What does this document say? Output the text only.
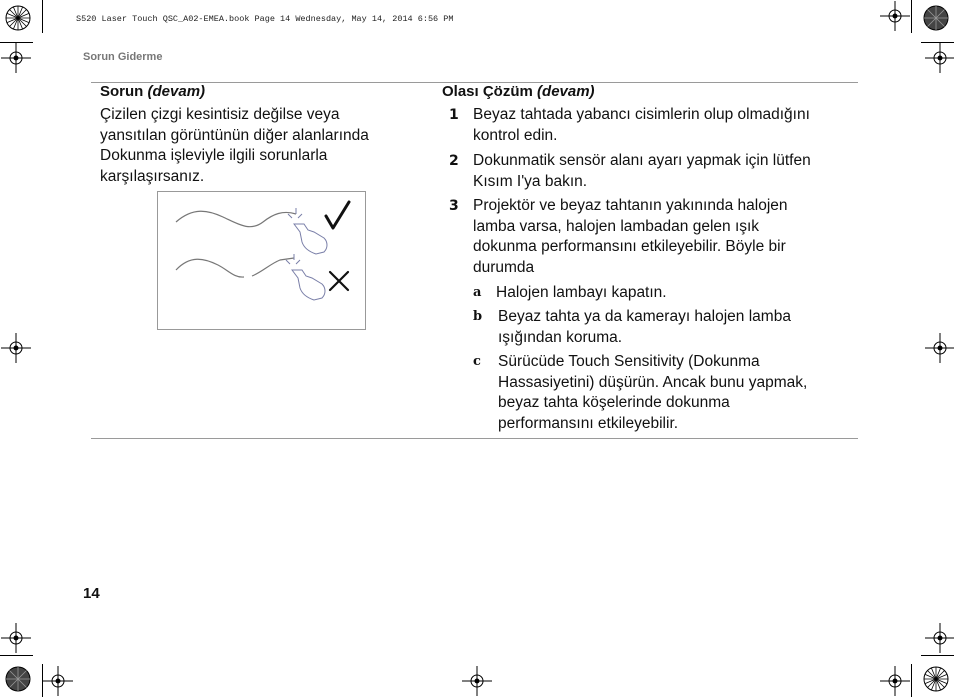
S520 Laser Touch QSC_A02-EMEA.book Page 14 Wednesday, May 14, 2014 6:56 PM
Sorun Giderme
Sorun (devam)	Olası Çözüm (devam)
Çizilen çizgi kesintisiz değilse veya
yansıtılan görüntünün diğer alanlarında
Dokunma işleviyle ilgili sorunlarla
karşılaşırsanız.
1 Beyaz tahtada yabancı cisimlerin olup olmadığını
kontrol edin.
2 Dokunmatik sensör alanı ayarı yapmak için lütfen
Kısım I'ya bakın.
3 Projektör ve beyaz tahtanın yakınında halojen
lamba varsa, halojen lambadan gelen ışık
dokunma performansını etkileyebilir. Böyle bir
durumda
a Halojen lambayı kapatın.
b Beyaz tahta ya da kamerayı halojen lamba
ışığından koruma.
c Sürücüde Touch Sensitivity (Dokunma
Hassasiyetini) düşürün. Ancak bunu yapmak,
beyaz tahta köşelerinde dokunma
performansını etkileyebilir.
14
